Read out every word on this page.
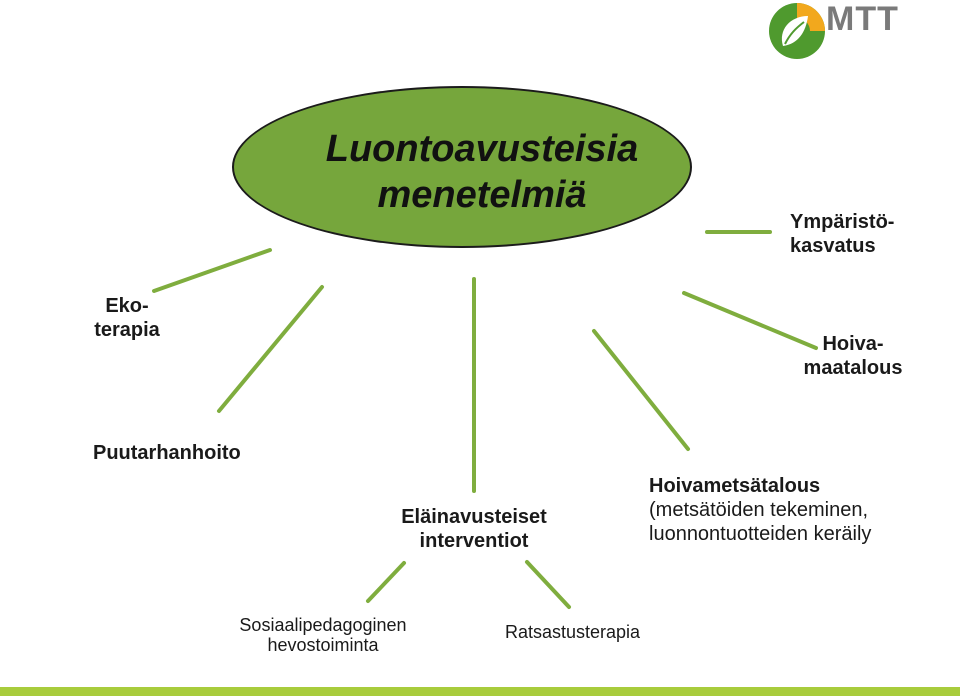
MTT
Luontoavusteisia
menetelmiä
Ympäristö-
kasvatus
Eko-
terapia
Hoiva-
maatalous
Puutarhanhoito
Eläinavusteiset
interventiot
Hoivametsätalous
(metsätöiden tekeminen,
luonnontuotteiden keräily
Sosiaalipedagoginen
hevostoiminta
Ratsastusterapia
